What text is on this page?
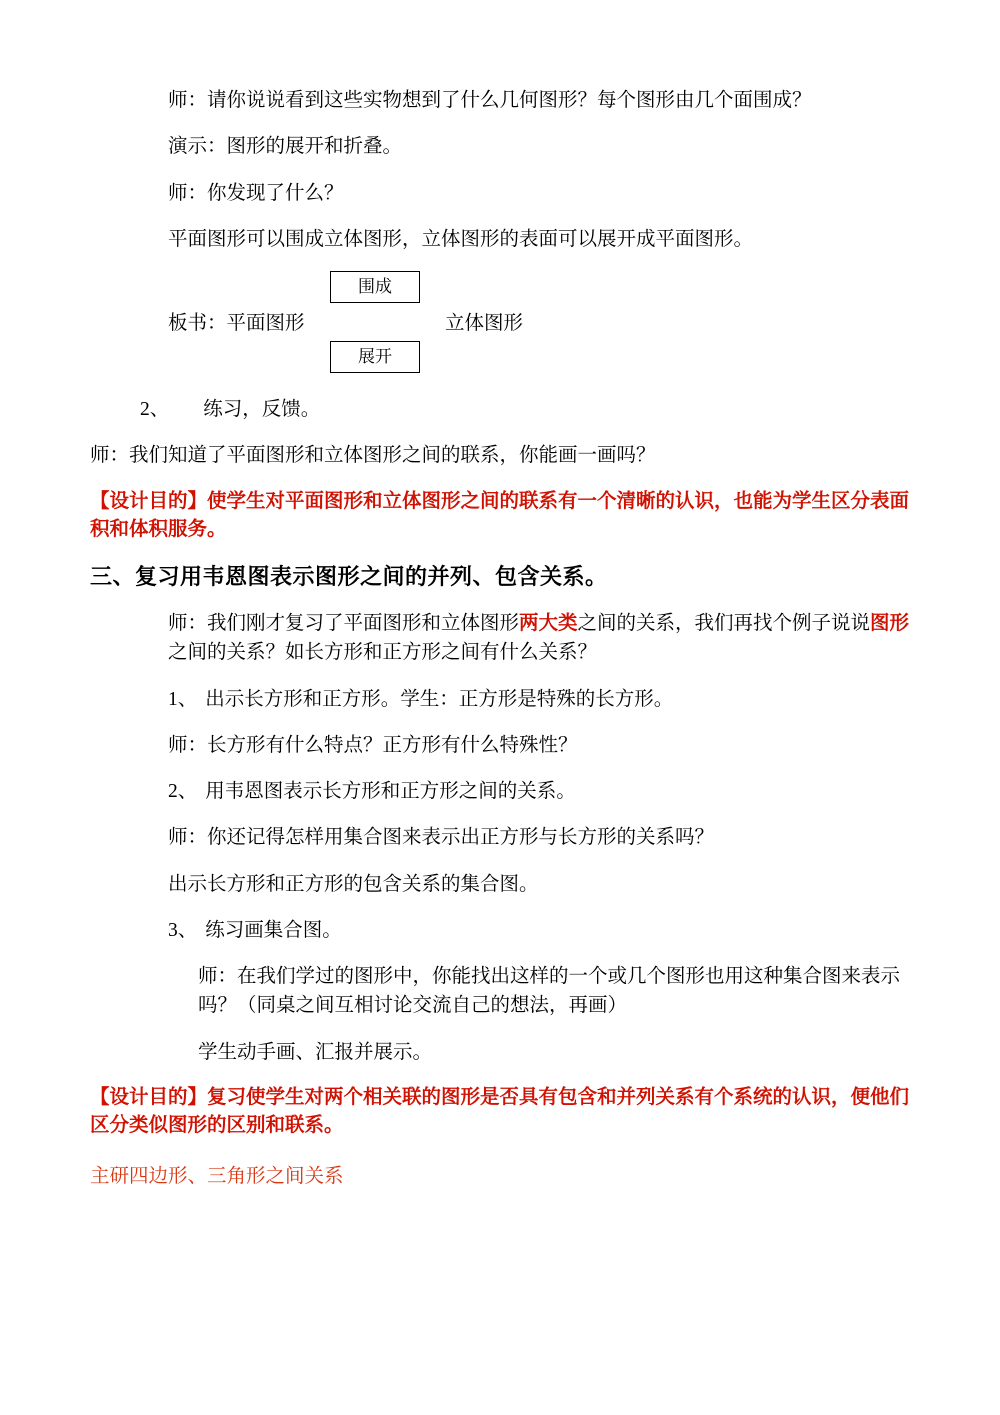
师：请你说说看到这些实物想到了什么几何图形？每个图形由几个面围成？

演示：图形的展开和折叠。

师：你发现了什么？

平面图形可以围成立体图形，立体图形的表面可以展开成平面图形。

围成
展开
板书：平面图形	立体图形

2、 练习，反馈。

师：我们知道了平面图形和立体图形之间的联系，你能画一画吗？

【设计目的】使学生对平面图形和立体图形之间的联系有一个清晰的认识，也能为学生区分表面积和体积服务。

三、复习用韦恩图表示图形之间的并列、包含关系。

师：我们刚才复习了平面图形和立体图形两大类之间的关系，我们再找个例子说说图形之间的关系？如长方形和正方形之间有什么关系？

1、 出示长方形和正方形。学生：正方形是特殊的长方形。

师：长方形有什么特点？正方形有什么特殊性？

2、 用韦恩图表示长方形和正方形之间的关系。

师：你还记得怎样用集合图来表示出正方形与长方形的关系吗？

出示长方形和正方形的包含关系的集合图。

3、 练习画集合图。

师：在我们学过的图形中，你能找出这样的一个或几个图形也用这种集合图来表示吗？（同桌之间互相讨论交流自己的想法，再画）

学生动手画、汇报并展示。

【设计目的】复习使学生对两个相关联的图形是否具有包含和并列关系有个系统的认识，便他们区分类似图形的区别和联系。

主研四边形、三角形之间关系
